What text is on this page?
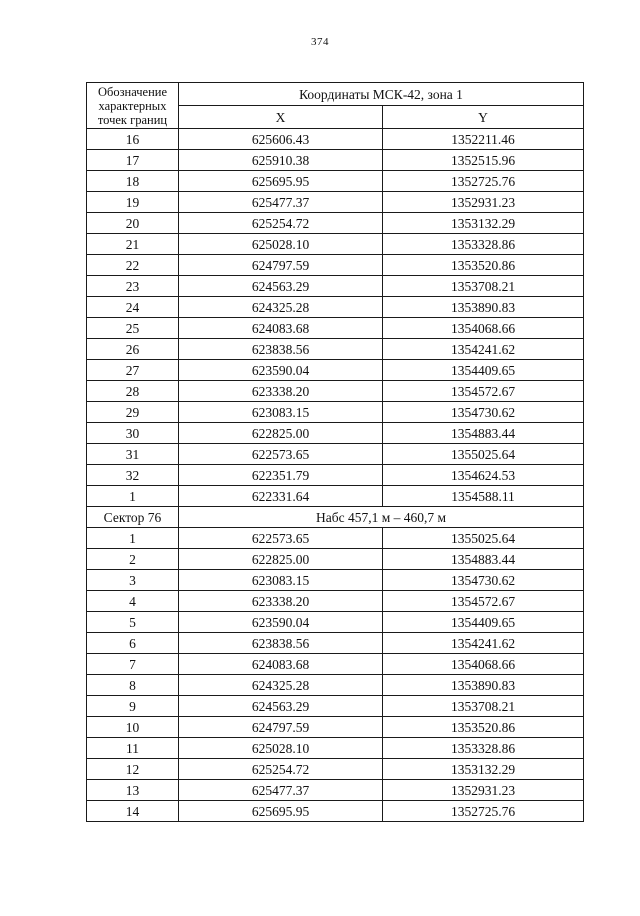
374
Обозначение характерных точек границ	Координаты МСК-42, зона 1	
	X	Y
16	625606.43	1352211.46
17	625910.38	1352515.96
18	625695.95	1352725.76
19	625477.37	1352931.23
20	625254.72	1353132.29
21	625028.10	1353328.86
22	624797.59	1353520.86
23	624563.29	1353708.21
24	624325.28	1353890.83
25	624083.68	1354068.66
26	623838.56	1354241.62
27	623590.04	1354409.65
28	623338.20	1354572.67
29	623083.15	1354730.62
30	622825.00	1354883.44
31	622573.65	1355025.64
32	622351.79	1354624.53
1	622331.64	1354588.11
Сектор 76	Набс 457,1 м – 460,7 м	
1	622573.65	1355025.64
2	622825.00	1354883.44
3	623083.15	1354730.62
4	623338.20	1354572.67
5	623590.04	1354409.65
6	623838.56	1354241.62
7	624083.68	1354068.66
8	624325.28	1353890.83
9	624563.29	1353708.21
10	624797.59	1353520.86
11	625028.10	1353328.86
12	625254.72	1353132.29
13	625477.37	1352931.23
14	625695.95	1352725.76
